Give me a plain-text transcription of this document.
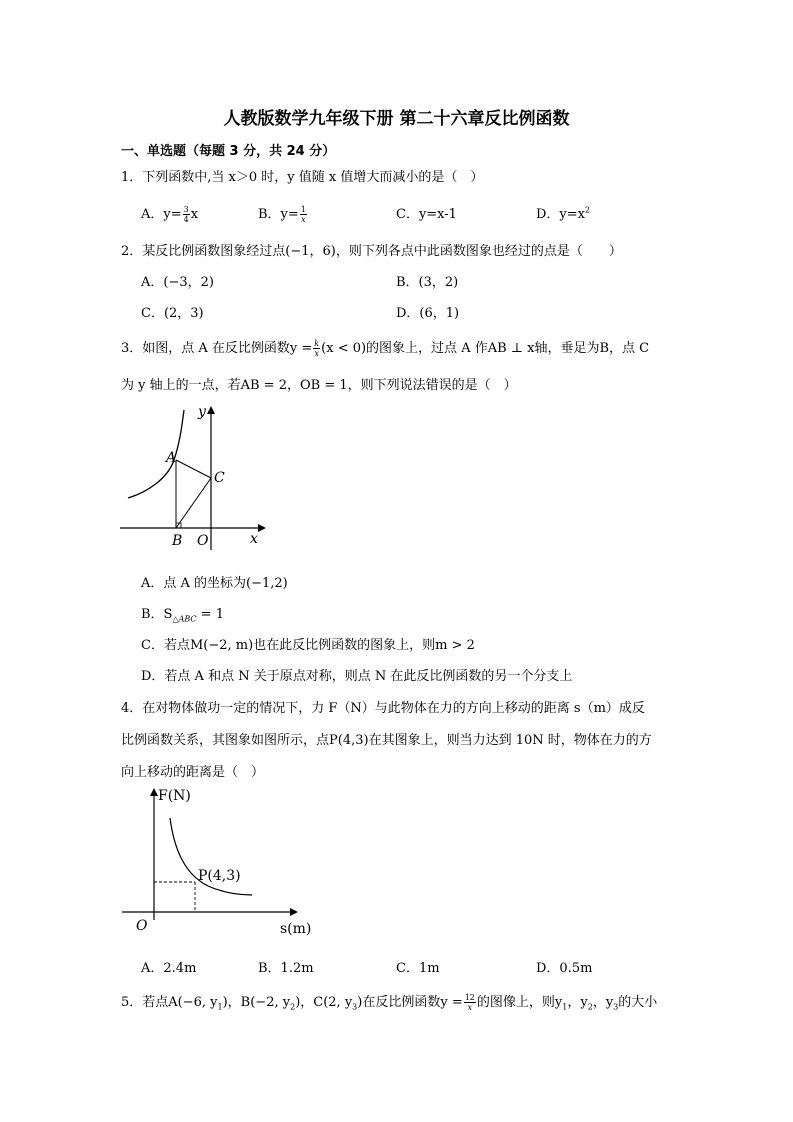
人教版数学九年级下册 第二十六章反比例函数
一、单选题（每题 3 分，共 24 分）
1．下列函数中,当 x＞0 时，y 值随 x 值增大而减小的是（　）
A．$y= \frac{3}{4}$ x	B．$y= \frac{1}{x}$	C．y=x-1	D．$y=x^2$
2．某反比例函数图象经过点(−1，6)，则下列各点中此函数图象也经过的点是（　　）
A．(−3，2)	B．(3，2)
C．(2，3)	D．(6，1)
3．如图，点 A 在反比例函数$y = \frac{k}{x} (x < 0)$的图象上，过点 A 作AB ⊥ x轴，垂足为B，点 C
为 y 轴上的一点，若AB = 2，OB = 1，则下列说法错误的是（　）
y
x
A
B
C
O
A．点 A 的坐标为(−1,2)
B．$S_{\triangle ABC} = 1$
C．若点M(−2, m)也在此反比例函数的图象上，则m > 2
D．若点 A 和点 N 关于原点对称，则点 N 在此反比例函数的另一个分支上
4．在对物体做功一定的情况下，力 F（N）与此物体在力的方向上移动的距离 s（m）成反
比例函数关系，其图象如图所示，点P(4,3)在其图象上，则当力达到 10N 时，物体在力的方
向上移动的距离是（　）
F(N)
P(4,3)
O	s(m)
A．2.4m	B．1.2m	C．1m	D．0.5m
5．若点A(−6, $y_1$)，B(−2, $y_2$)，C(2, $y_3$)在反比例函数$y = \frac{12}{x}$ 的图像上，则$y_1$，$y_2$，$y_3$的大小
